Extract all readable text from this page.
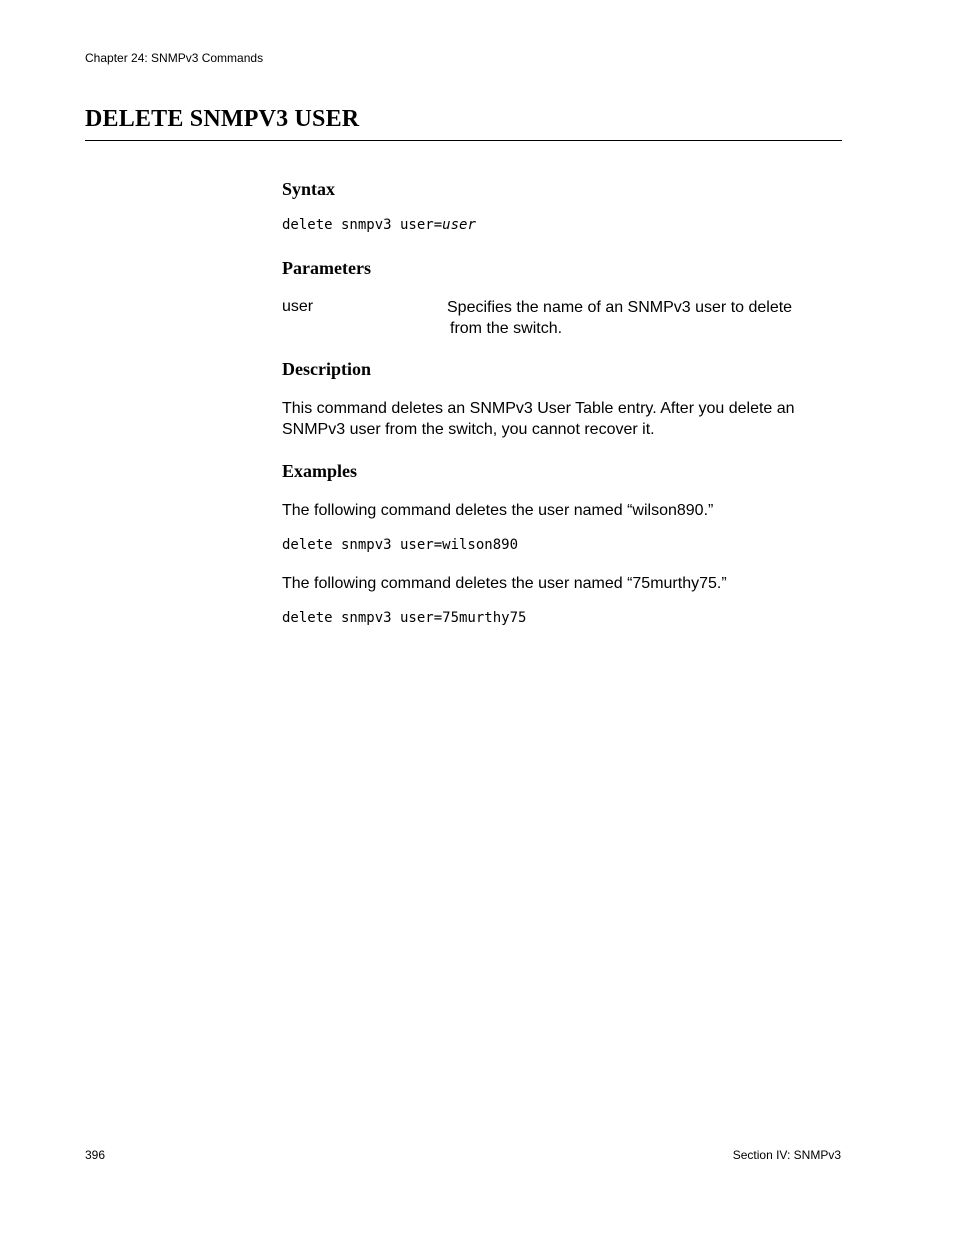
Chapter 24: SNMPv3 Commands
DELETE SNMPV3 USER
Syntax
delete snmpv3 user=user
Parameters
user	Specifies the name of an SNMPv3 user to delete
from the switch.
Description

This command deletes an SNMPv3 User Table entry. After you delete an
SNMPv3 user from the switch, you cannot recover it.

Examples

The following command deletes the user named “wilson890.”

delete snmpv3 user=wilson890

The following command deletes the user named “75murthy75.”

delete snmpv3 user=75murthy75
396	Section IV: SNMPv3
